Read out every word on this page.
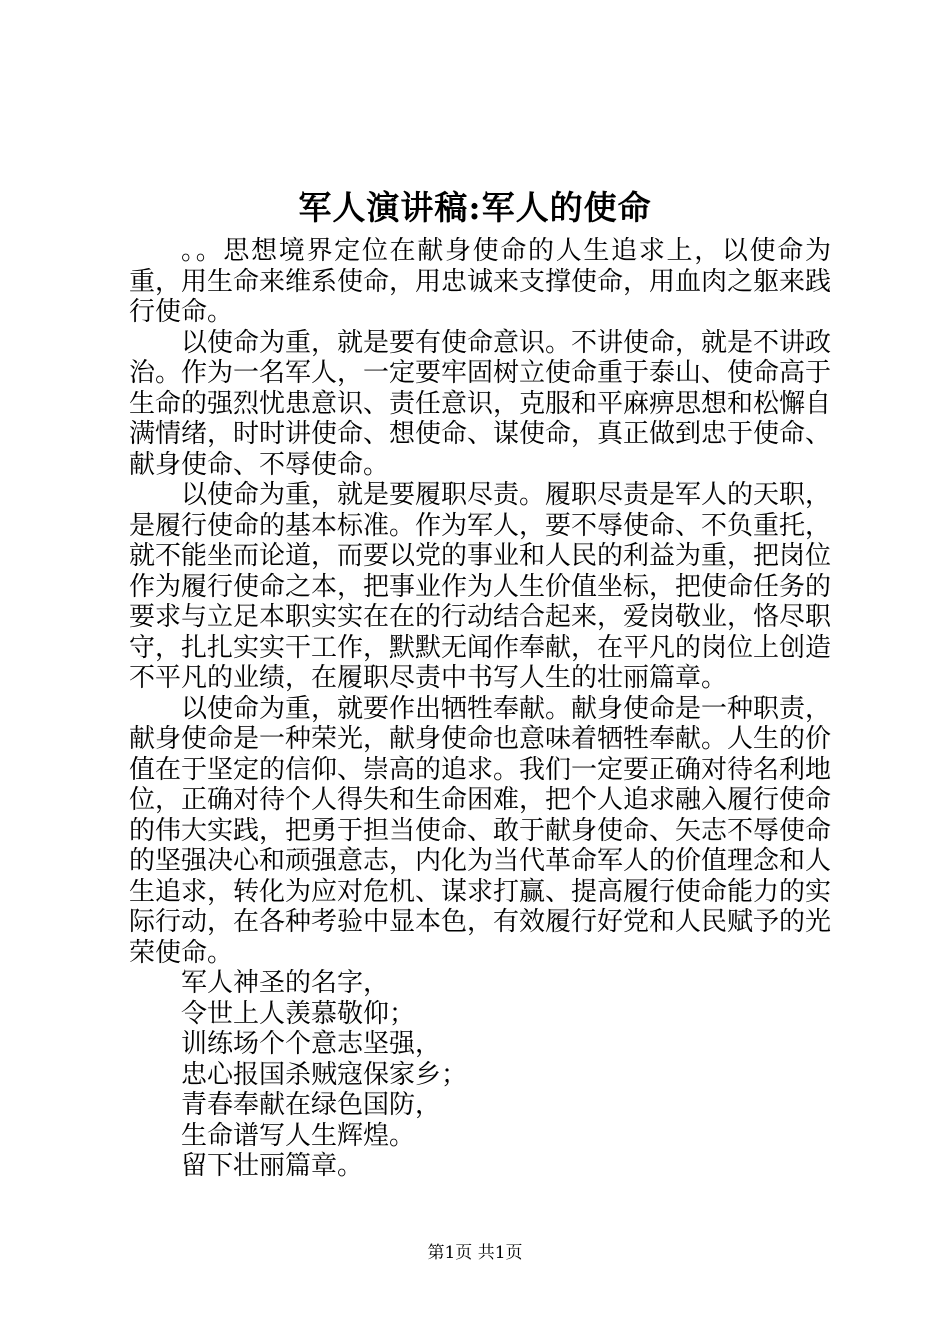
军人演讲稿:军人的使命

。。思想境界定位在献身使命的人生追求上，以使命为重，用生命来维系使命，用忠诚来支撑使命，用血肉之躯来践行使命。

以使命为重，就是要有使命意识。不讲使命，就是不讲政治。作为一名军人，一定要牢固树立使命重于泰山、使命高于生命的强烈忧患意识、责任意识，克服和平麻痹思想和松懈自满情绪，时时讲使命、想使命、谋使命，真正做到忠于使命、献身使命、不辱使命。

以使命为重，就是要履职尽责。履职尽责是军人的天职，是履行使命的基本标准。作为军人，要不辱使命、不负重托，就不能坐而论道，而要以党的事业和人民的利益为重，把岗位作为履行使命之本，把事业作为人生价值坐标，把使命任务的要求与立足本职实实在在的行动结合起来，爱岗敬业，恪尽职守，扎扎实实干工作，默默无闻作奉献，在平凡的岗位上创造不平凡的业绩，在履职尽责中书写人生的壮丽篇章。

以使命为重，就要作出牺牲奉献。献身使命是一种职责，献身使命是一种荣光，献身使命也意味着牺牲奉献。人生的价值在于坚定的信仰、崇高的追求。我们一定要正确对待名利地位，正确对待个人得失和生命困难，把个人追求融入履行使命的伟大实践，把勇于担当使命、敢于献身使命、矢志不辱使命的坚强决心和顽强意志，内化为当代革命军人的价值理念和人生追求，转化为应对危机、谋求打赢、提高履行使命能力的实际行动，在各种考验中显本色，有效履行好党和人民赋予的光荣使命。

军人神圣的名字，
令世上人羡慕敬仰；
训练场个个意志坚强，
忠心报国杀贼寇保家乡；
青春奉献在绿色国防，
生命谱写人生辉煌。
留下壮丽篇章。
第1页 共1页
